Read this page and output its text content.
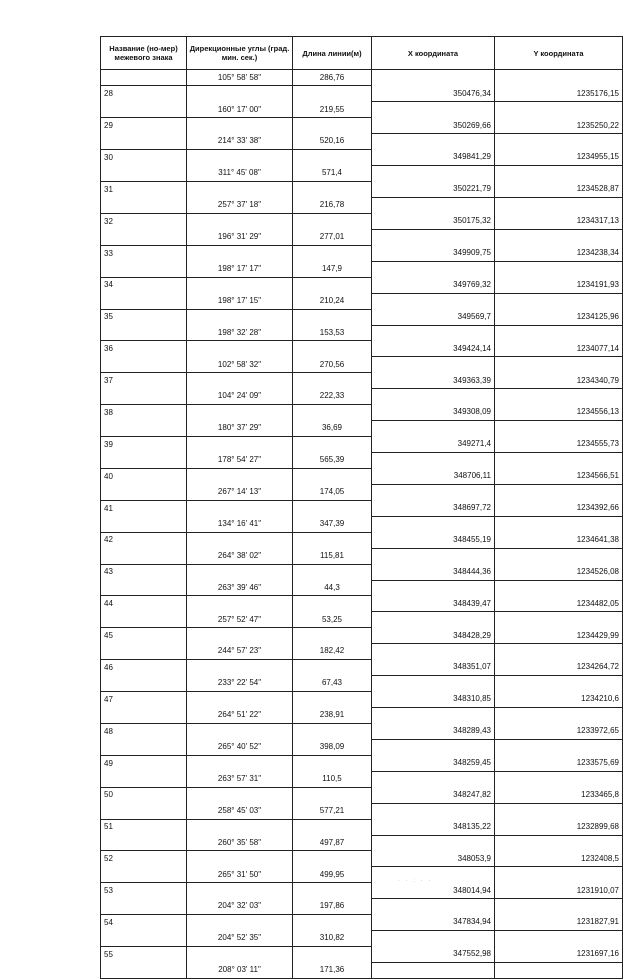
Название (но-мер) межевого знака	Дирекционные углы (град. мин. сек.)	Длина линии(м)	X координата	Y координата
	105° 58' 58"	286,76		
28			350476,34	1235176,15
	160° 17' 00"	219,55		
29			350269,66	1235250,22
	214° 33' 38"	520,16		
30			349841,29	1234955,15
	311° 45' 08"	571,4		
31			350221,79	1234528,87
	257° 37' 18"	216,78		
32			350175,32	1234317,13
	196° 31' 29"	277,01		
33			349909,75	1234238,34
	198° 17' 17"	147,9		
34			349769,32	1234191,93
	198° 17' 15"	210,24		
35			349569,7	1234125,96
	198° 32' 28"	153,53		
36			349424,14	1234077,14
	102° 58' 32"	270,56		
37			349363,39	1234340,79
	104° 24' 09"	222,33		
38			349308,09	1234556,13
	180° 37' 29"	36,69		
39			349271,4	1234555,73
	178° 54' 27"	565,39		
40			348706,11	1234566,51
	267° 14' 13"	174,05		
41			348697,72	1234392,66
	134° 16' 41"	347,39		
42			348455,19	1234641,38
	264° 38' 02"	115,81		
43			348444,36	1234526,08
	263° 39' 46"	44,3		
44			348439,47	1234482,05
	257° 52' 47"	53,25		
45			348428,29	1234429,99
	244° 57' 23"	182,42		
46			348351,07	1234264,72
	233° 22' 54"	67,43		
47			348310,85	1234210,6
	264° 51' 22"	238,91		
48			348289,43	1233972,65
	265° 40' 52"	398,09		
49			348259,45	1233575,69
	263° 57' 31"	110,5		
50			348247,82	1233465,8
	258° 45' 03"	577,21		
51			348135,22	1232899,68
	260° 35' 58"	497,87		
52			348053,9	1232408,5
	265° 31' 50"	499,95		
53			348014,94	1231910,07
	204° 32' 03"	197,86		
54			347834,94	1231827,91
	204° 52' 35"	310,82		
55			347552,98	1231697,16
	208° 03' 11"	171,36		
· · : · ·
